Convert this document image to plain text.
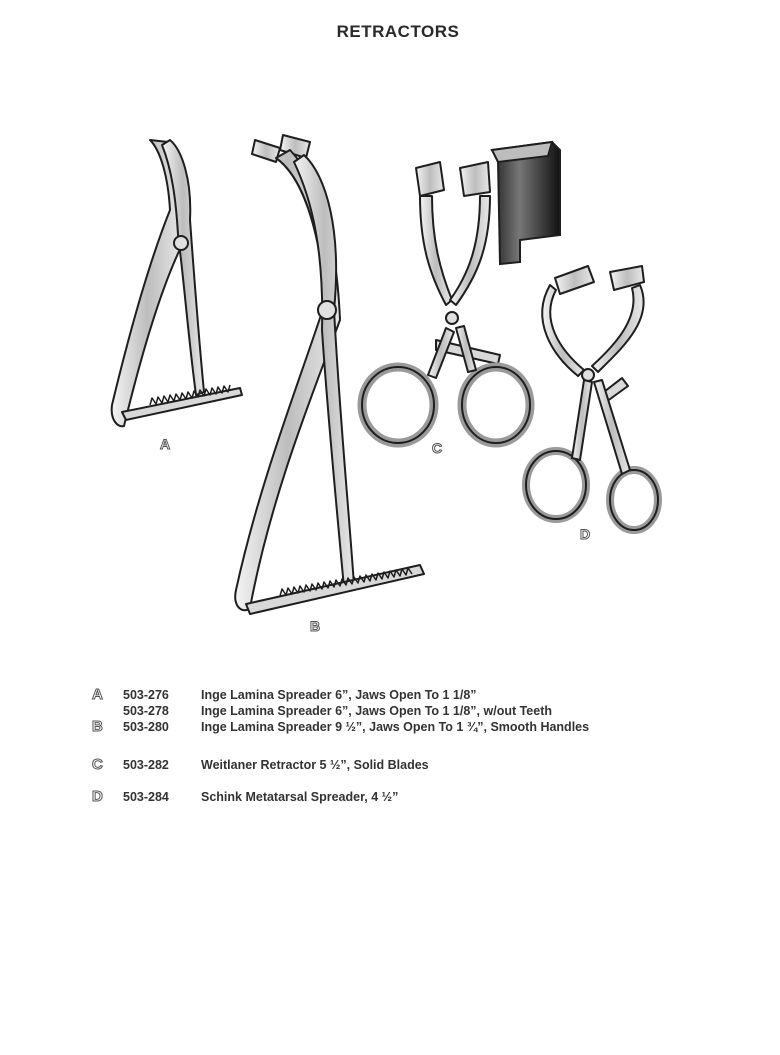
RETRACTORS
A
B
C
D
A 503-276	Inge Lamina Spreader 6”, Jaws Open To 1 1/8”
503-278	Inge Lamina Spreader 6”, Jaws Open To 1 1/8”, w/out Teeth
B 503-280	Inge Lamina Spreader 9 ½”, Jaws Open To 1 ¾”, Smooth Handles
C 503-282	Weitlaner Retractor 5 ½”, Solid Blades
D 503-284	Schink Metatarsal Spreader, 4 ½”
